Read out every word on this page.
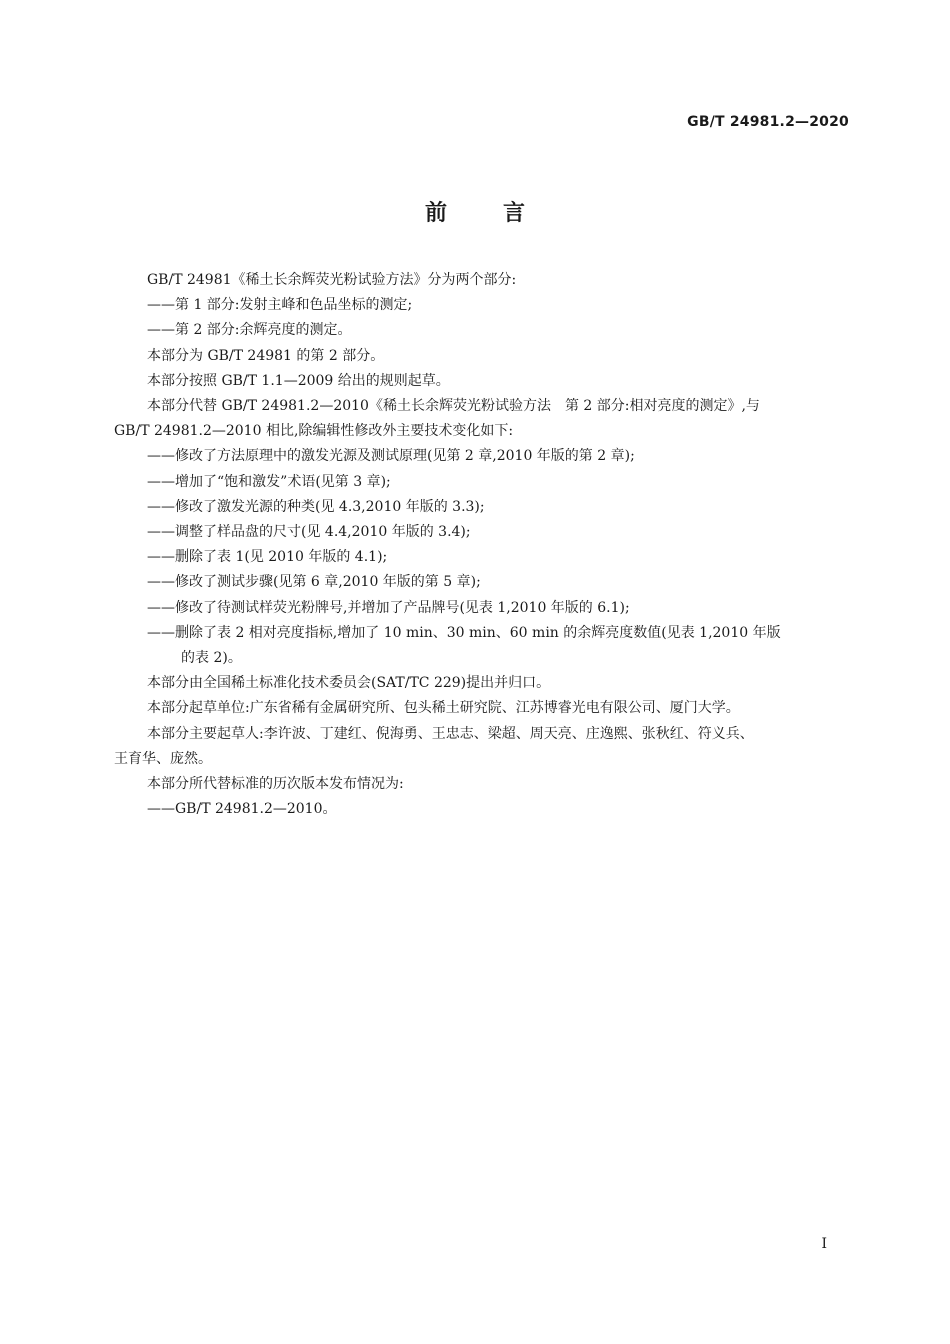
GB/T 24981.2—2020
前言

GB/T 24981《稀土长余辉荧光粉试验方法》分为两个部分:

——第 1 部分:发射主峰和色品坐标的测定;

——第 2 部分:余辉亮度的测定。

本部分为 GB/T 24981 的第 2 部分。

本部分按照 GB/T 1.1—2009 给出的规则起草。

本部分代替 GB/T 24981.2—2010《稀土长余辉荧光粉试验方法　第 2 部分:相对亮度的测定》,与

GB/T 24981.2—2010 相比,除编辑性修改外主要技术变化如下:

——修改了方法原理中的激发光源及测试原理(见第 2 章,2010 年版的第 2 章);

——增加了“饱和激发”术语(见第 3 章);

——修改了激发光源的种类(见 4.3,2010 年版的 3.3);

——调整了样品盘的尺寸(见 4.4,2010 年版的 3.4);

——删除了表 1(见 2010 年版的 4.1);

——修改了测试步骤(见第 6 章,2010 年版的第 5 章);

——修改了待测试样荧光粉牌号,并增加了产品牌号(见表 1,2010 年版的 6.1);

——删除了表 2 相对亮度指标,增加了 10 min、30 min、60 min 的余辉亮度数值(见表 1,2010 年版

的表 2)。

本部分由全国稀土标准化技术委员会(SAT/TC 229)提出并归口。

本部分起草单位:广东省稀有金属研究所、包头稀土研究院、江苏博睿光电有限公司、厦门大学。

本部分主要起草人:李许波、丁建红、倪海勇、王忠志、梁超、周天亮、庄逸熙、张秋红、符义兵、

王育华、庞然。

本部分所代替标准的历次版本发布情况为:

——GB/T 24981.2—2010。

I
